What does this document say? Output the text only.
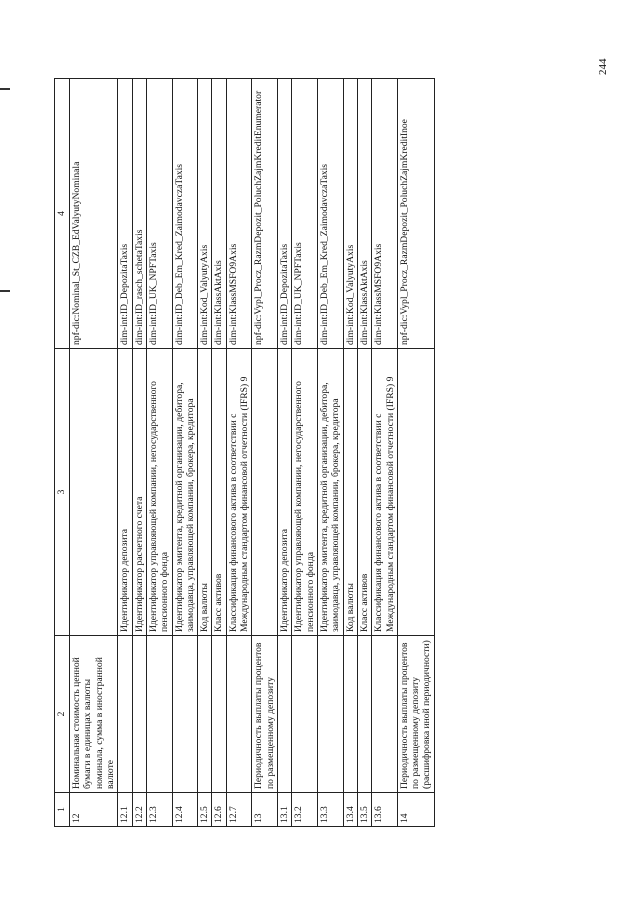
1	2	3	4
12	Номинальная стоимость ценной бумаги в единицах валюты номинала, сумма в иностранной валюте		npf-dic:Nominal_St_CZB_EdValyutyNominala
12.1		Идентификатор депозита	dim-int:ID_DepozitaTaxis
12.2		Идентификатор расчетного счета	dim-int:ID_rasch_schetaTaxis
12.3		Идентификатор управляющей компании, негосударственного пенсионного фонда	dim-int:ID_UK_NPFTaxis
12.4		Идентификатор эмитента, кредитной организации, дебитора, заимодавца, управляющей компании, брокера, кредитора	dim-int:ID_Deb_Em_Kred_ZaimodavczaTaxis
12.5		Код валюты	dim-int:Kod_ValyutyAxis
12.6		Класс активов	dim-int:KlassAktAxis
12.7		Классификация финансового актива в соответствии с Международным стандартом финансовой отчетности (IFRS) 9	dim-int:KlassMSFO9Axis
13	Периодичность выплаты процентов по размещенному депозиту		npf-dic:Vypl_Procz_RazmDepozit_PoluchZajmKreditEnumerator
13.1		Идентификатор депозита	dim-int:ID_DepozitaTaxis
13.2		Идентификатор управляющей компании, негосударственного пенсионного фонда	dim-int:ID_UK_NPFTaxis
13.3		Идентификатор эмитента, кредитной организации, дебитора, заимодавца, управляющей компании, брокера, кредитора	dim-int:ID_Deb_Em_Kred_ZaimodavczaTaxis
13.4		Код валюты	dim-int:Kod_ValyutyAxis
13.5		Класс активов	dim-int:KlassAktAxis
13.6		Классификация финансового актива в соответствии с Международным стандартом финансовой отчетности (IFRS) 9	dim-int:KlassMSFO9Axis
14	Периодичность выплаты процентов по размещенному депозиту (расшифровка иной периодичности)		npf-dic:Vypl_Procz_RazmDepozit_PoluchZajmKreditInoe
244
